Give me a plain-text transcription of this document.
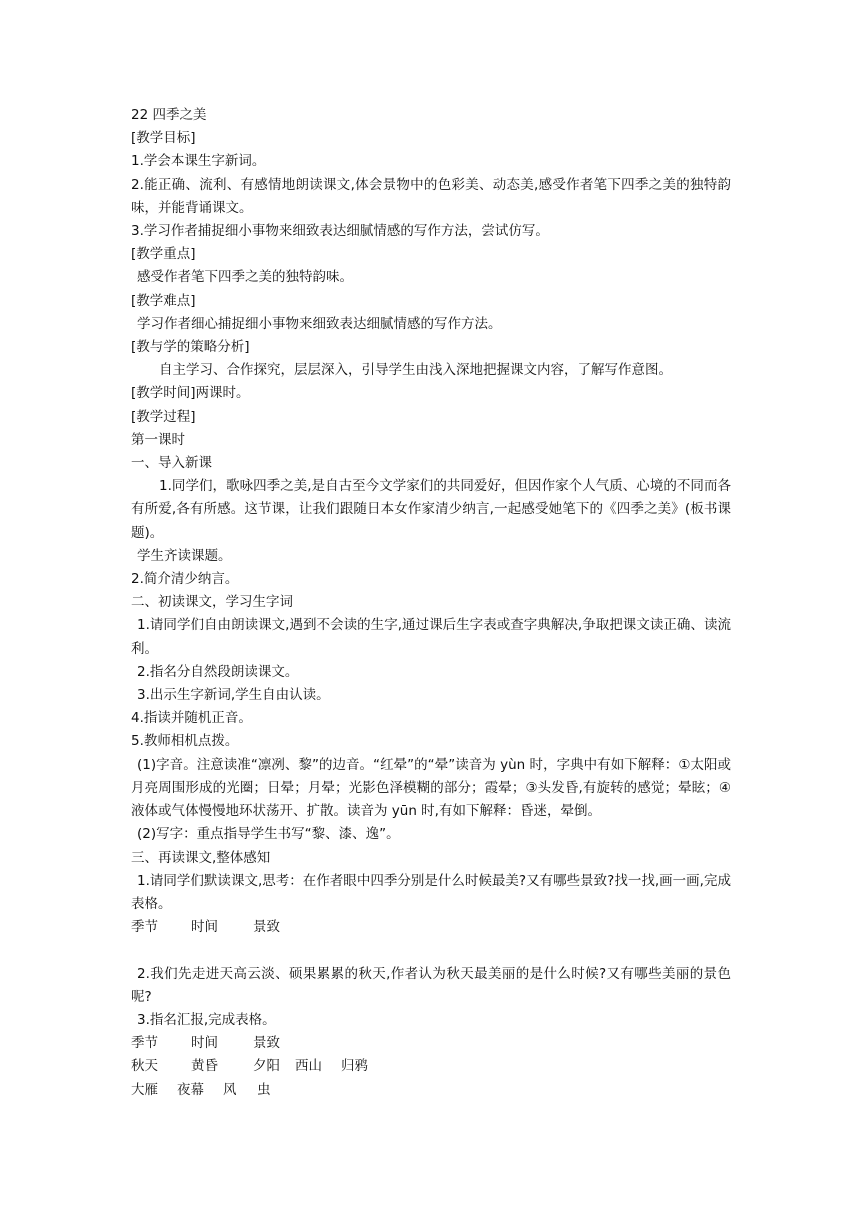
22 四季之美

[教学目标]

1.学会本课生字新词。

2.能正确、流利、有感情地朗读课文,体会景物中的色彩美、动态美,感受作者笔下四季之美的独特韵味，并能背诵课文。

3.学习作者捕捉细小事物来细致表达细腻情感的写作方法，尝试仿写。

[教学重点]

感受作者笔下四季之美的独特韵味。

[教学难点]

学习作者细心捕捉细小事物来细致表达细腻情感的写作方法。

[教与学的策略分析]

自主学习、合作探究，层层深入，引导学生由浅入深地把握课文内容，了解写作意图。

[教学时间]两课时。

[教学过程]

第一课时

一、导入新课

1.同学们，歌咏四季之美,是自古至今文学家们的共同爱好，但因作家个人气质、心境的不同而各有所爱,各有所感。这节课，让我们跟随日本女作家清少纳言,一起感受她笔下的《四季之美》(板书课题)。

学生齐读课题。

2.简介清少纳言。

二、初读课文，学习生字词

1.请同学们自由朗读课文,遇到不会读的生字,通过课后生字表或查字典解决,争取把课文读正确、读流利。

2.指名分自然段朗读课文。

3.出示生字新词,学生自由认读。

4.指读并随机正音。

5.教师相机点拨。

(1)字音。注意读准“凛冽、黎”的边音。“红晕”的“晕”读音为 yùn 时，字典中有如下解释：①太阳或月亮周围形成的光圈；日晕；月晕；光影色泽模糊的部分；霞晕；③头发昏,有旋转的感觉；晕眩；④液体或气体慢慢地环状荡开、扩散。读音为 yūn 时,有如下解释：昏迷，晕倒。

(2)写字：重点指导学生书写“黎、漆、逸”。

三、再读课文,整体感知

1.请同学们默读课文,思考：在作者眼中四季分别是什么时候最美?又有哪些景致?找一找,画一画,完成表格。

季节 时间	景致

2.我们先走进天高云淡、硕果累累的秋天,作者认为秋天最美丽的是什么时候?又有哪些美丽的景色呢?

3.指名汇报,完成表格。

季节 时间	景致

秋天 黄昏	夕阳 西山 归鸦

大雁 夜幕 风 虫
